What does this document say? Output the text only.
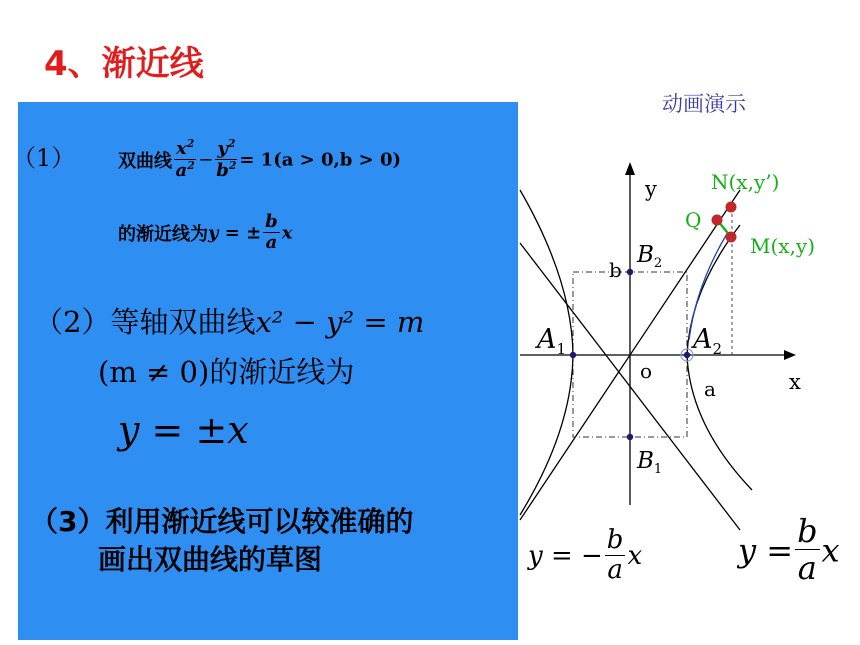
y
x
o
a
b
$A_1$	$A_2$
$B_2$
$B_1$
N(x,y’)
M(x,y)
Q
4、渐近线
动画演示
（1） 双曲线 $\frac{x^2}{a^2} - \frac{y^2}{b^2} = 1(a > 0,b > 0)$
的渐近线为y = ± $\frac{b}{a}$ x
（2）等轴双曲线x² − y² = m
(m ≠ 0)的渐近线为
y = ±x
（3）利用渐近线可以较准确的
画出双曲线的草图	y = − $\frac{b}{a}$ x	$y = \frac{b}{a}$ x
